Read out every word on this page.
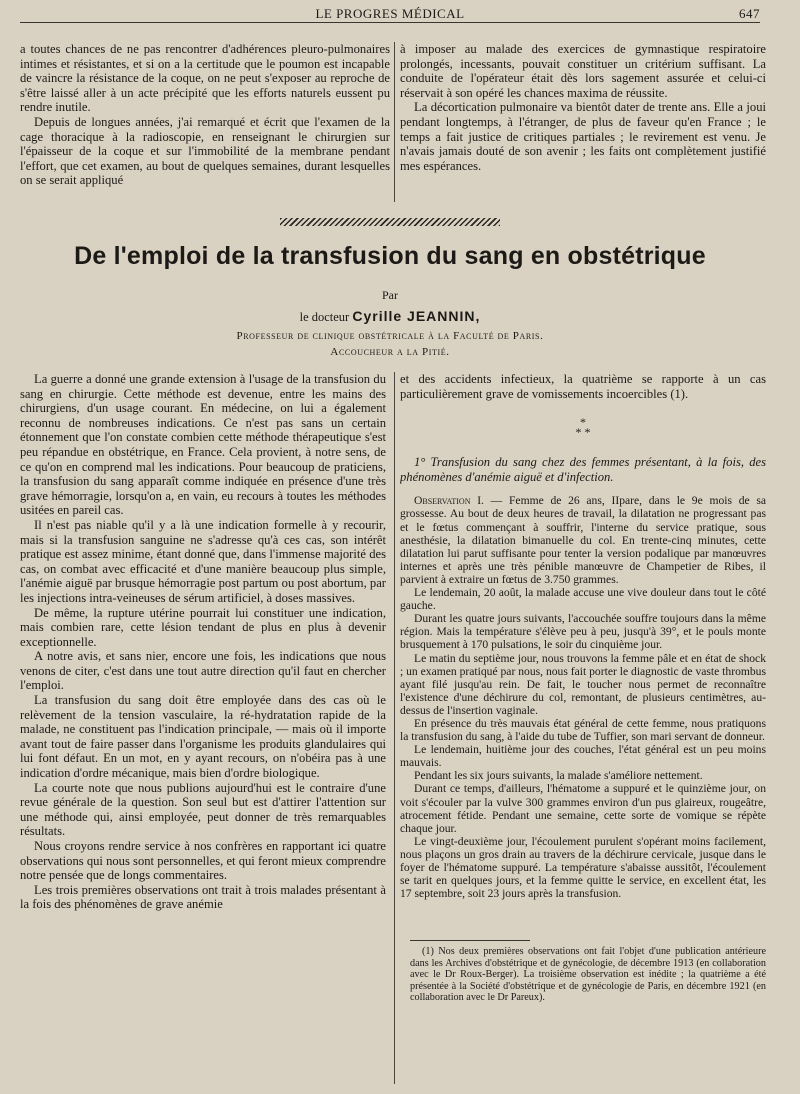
LE PROGRES MÉDICAL	647

a toutes chances de ne pas rencontrer d'adhérences pleuro-pulmonaires intimes et résistantes, et si on a la certitude que le poumon est incapable de vaincre la résistance de la coque, on ne peut s'exposer au reproche de s'être laissé aller à un acte précipité que les efforts naturels eussent pu rendre inutile.

Depuis de longues années, j'ai remarqué et écrit que l'examen de la cage thoracique à la radioscopie, en renseignant le chirurgien sur l'épaisseur de la coque et sur l'immobilité de la membrane pendant l'effort, que cet examen, au bout de quelques semaines, durant lesquelles on se serait appliqué

à imposer au malade des exercices de gymnastique respiratoire prolongés, incessants, pouvait constituer un critérium suffisant. La conduite de l'opérateur était dès lors sagement assurée et celui-ci réservait à son opéré les chances maxima de réussite.

La décortication pulmonaire va bientôt dater de trente ans. Elle a joui pendant longtemps, à l'étranger, de plus de faveur qu'en France ; le temps a fait justice de critiques partiales ; le revirement est venu. Je n'avais jamais douté de son avenir ; les faits ont complètement justifié mes espérances.

De l'emploi de la transfusion du sang en obstétrique
Par
le docteur Cyrille JEANNIN,
Professeur de clinique obstétricale à la Faculté de Paris.
Accoucheur a la Pitié.

La guerre a donné une grande extension à l'usage de la transfusion du sang en chirurgie. Cette méthode est devenue, entre les mains des chirurgiens, d'un usage courant. En médecine, on lui a également reconnu de nombreuses indications. Ce n'est pas sans un certain étonnement que l'on constate combien cette méthode thérapeutique s'est peu répandue en obstétrique, en France. Cela provient, à notre sens, de ce qu'on en comprend mal les indications. Pour beaucoup de praticiens, la transfusion du sang apparaît comme indiquée en présence d'une très grave hémorragie, lorsqu'on a, en vain, eu recours à toutes les méthodes usitées en pareil cas.

Il n'est pas niable qu'il y a là une indication formelle à y recourir, mais si la transfusion sanguine ne s'adresse qu'à ces cas, son intérêt pratique est assez minime, étant donné que, dans l'immense majorité des cas, on combat avec efficacité et d'une manière beaucoup plus simple, l'anémie aiguë par brusque hémorragie post partum ou post abortum, par les injections intra-veineuses de sérum artificiel, à doses massives.

De même, la rupture utérine pourrait lui constituer une indication, mais combien rare, cette lésion tendant de plus en plus à devenir exceptionnelle.

A notre avis, et sans nier, encore une fois, les indications que nous venons de citer, c'est dans une tout autre direction qu'il faut en chercher l'emploi.

La transfusion du sang doit être employée dans des cas où le relèvement de la tension vasculaire, la ré-hydratation rapide de la malade, ne constituent pas l'indication principale, — mais où il importe avant tout de faire passer dans l'organisme les produits glandulaires qui lui font défaut. En un mot, en y ayant recours, on n'obéira pas à une indication d'ordre mécanique, mais bien d'ordre biologique.

La courte note que nous publions aujourd'hui est le contraire d'une revue générale de la question. Son seul but est d'attirer l'attention sur une méthode qui, ainsi employée, peut donner de très remarquables résultats.

Nous croyons rendre service à nos confrères en rapportant ici quatre observations qui nous sont personnelles, et qui feront mieux comprendre notre pensée que de longs commentaires.

Les trois premières observations ont trait à trois malades présentant à la fois des phénomènes de grave anémie

et des accidents infectieux, la quatrième se rapporte à un cas particulièrement grave de vomissements incoercibles (1).

*
* *

1° Transfusion du sang chez des femmes présentant, à la fois, des phénomènes d'anémie aiguë et d'infection.

Observation I. — Femme de 26 ans, IIpare, dans le 9e mois de sa grossesse. Au bout de deux heures de travail, la dilatation ne progressant pas et le fœtus commençant à souffrir, l'interne du service pratique, sous anesthésie, la dilatation bimanuelle du col. En trente-cinq minutes, cette dilatation lui parut suffisante pour tenter la version podalique par manœuvres internes et après une très pénible manœuvre de Champetier de Ribes, il parvient à extraire un fœtus de 3.750 grammes.

Le lendemain, 20 août, la malade accuse une vive douleur dans tout le côté gauche.

Durant les quatre jours suivants, l'accouchée souffre toujours dans la même région. Mais la température s'élève peu à peu, jusqu'à 39°, et le pouls monte brusquement à 170 pulsations, le soir du cinquième jour.

Le matin du septième jour, nous trouvons la femme pâle et en état de shock ; un examen pratiqué par nous, nous fait porter le diagnostic de vaste thrombus ayant filé jusqu'au rein. De fait, le toucher nous permet de reconnaître l'existence d'une déchirure du col, remontant, de plusieurs centimètres, au-dessus de l'insertion vaginale.

En présence du très mauvais état général de cette femme, nous pratiquons la transfusion du sang, à l'aide du tube de Tuffier, son mari servant de donneur.

Le lendemain, huitième jour des couches, l'état général est un peu moins mauvais.

Pendant les six jours suivants, la malade s'améliore nettement.

Durant ce temps, d'ailleurs, l'hématome a suppuré et le quinzième jour, on voit s'écouler par la vulve 300 grammes environ d'un pus glaireux, rougeâtre, atrocement fétide. Pendant une semaine, cette sorte de vomique se répète chaque jour.

Le vingt-deuxième jour, l'écoulement purulent s'opérant moins facilement, nous plaçons un gros drain au travers de la déchirure cervicale, jusque dans le foyer de l'hématome suppuré. La température s'abaisse aussitôt, l'écoulement se tarit en quelques jours, et la femme quitte le service, en excellent état, les 17 septembre, soit 23 jours après la transfusion.

(1) Nos deux premières observations ont fait l'objet d'une publication antérieure dans les Archives d'obstétrique et de gynécologie, de décembre 1913 (en collaboration avec le Dr Roux-Berger). La troisième observation est inédite ; la quatrième a été présentée à la Société d'obstétrique et de gynécologie de Paris, en décembre 1921 (en collaboration avec le Dr Pareux).
